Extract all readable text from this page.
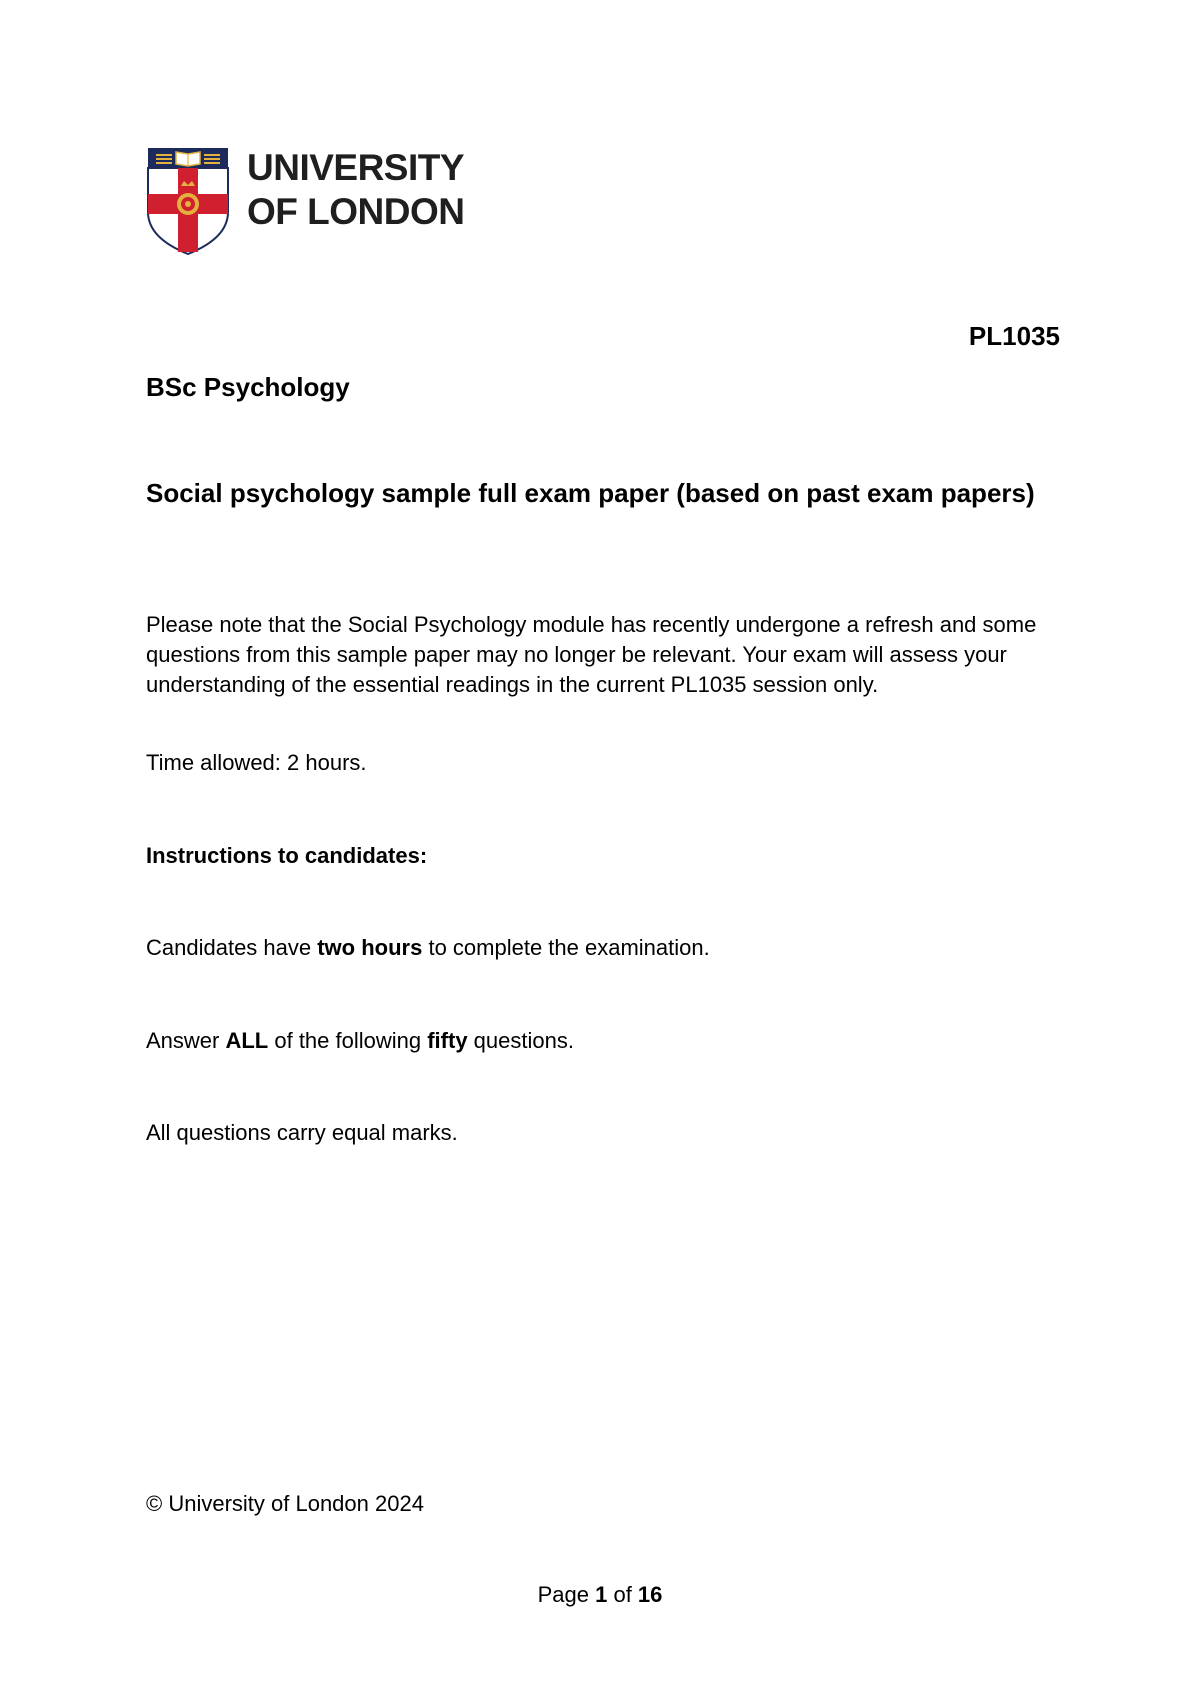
UNIVERSITY
OF LONDON
PL1035
BSc Psychology
Social psychology sample full exam paper (based on past exam papers)
Please note that the Social Psychology module has recently undergone a refresh and some questions from this sample paper may no longer be relevant. Your exam will assess your understanding of the essential readings in the current PL1035 session only.
Time allowed: 2 hours.
Instructions to candidates:
Candidates have two hours to complete the examination.
Answer ALL of the following fifty questions.
All questions carry equal marks.
© University of London 2024
Page 1 of 16
